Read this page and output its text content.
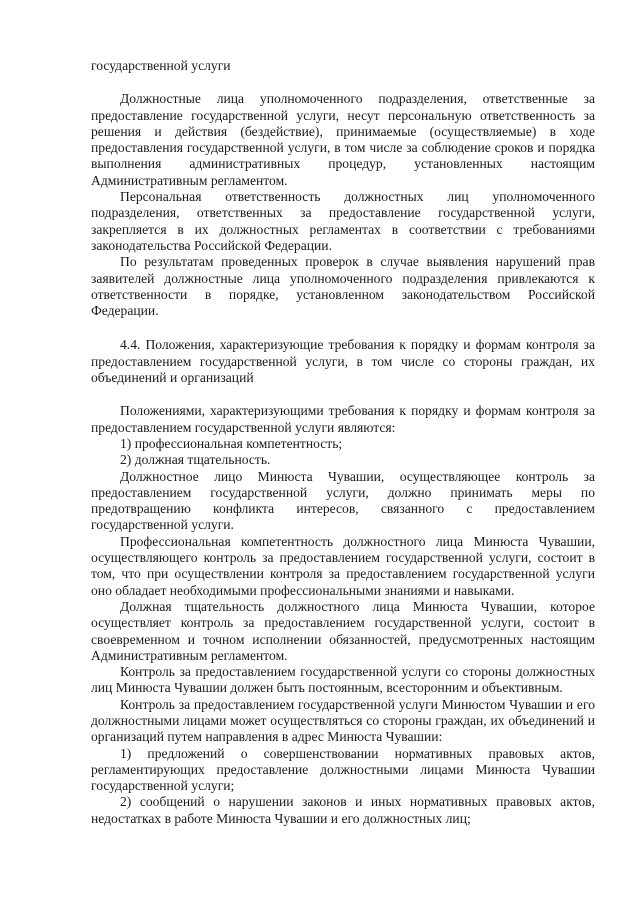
государственной услуги

Должностные лица уполномоченного подразделения, ответственные за предоставление государственной услуги, несут персональную ответственность за решения и действия (бездействие), принимаемые (осуществляемые) в ходе предоставления государственной услуги, в том числе за соблюдение сроков и порядка выполнения административных процедур, установленных настоящим Административным регламентом.

Персональная ответственность должностных лиц уполномоченного подразделения, ответственных за предоставление государственной услуги, закрепляется в их должностных регламентах в соответствии с требованиями законодательства Российской Федерации.

По результатам проведенных проверок в случае выявления нарушений прав заявителей должностные лица уполномоченного подразделения привлекаются к ответственности в порядке, установленном законодательством Российской Федерации.

4.4. Положения, характеризующие требования к порядку и формам контроля за предоставлением государственной услуги, в том числе со стороны граждан, их объединений и организаций

Положениями, характеризующими требования к порядку и формам контроля за предоставлением государственной услуги являются:

1) профессиональная компетентность;

2) должная тщательность.

Должностное лицо Минюста Чувашии, осуществляющее контроль за предоставлением государственной услуги, должно принимать меры по предотвращению конфликта интересов, связанного с предоставлением государственной услуги.

Профессиональная компетентность должностного лица Минюста Чувашии, осуществляющего контроль за предоставлением государственной услуги, состоит в том, что при осуществлении контроля за предоставлением государственной услуги оно обладает необходимыми профессиональными знаниями и навыками.

Должная тщательность должностного лица Минюста Чувашии, которое осуществляет контроль за предоставлением государственной услуги, состоит в своевременном и точном исполнении обязанностей, предусмотренных настоящим Административным регламентом.

Контроль за предоставлением государственной услуги со стороны должностных лиц Минюста Чувашии должен быть постоянным, всесторонним и объективным.

Контроль за предоставлением государственной услуги Минюстом Чувашии и его должностными лицами может осуществляться со стороны граждан, их объединений и организаций путем направления в адрес Минюста Чувашии:

1) предложений о совершенствовании нормативных правовых актов, регламентирующих предоставление должностными лицами Минюста Чувашии государственной услуги;

2) сообщений о нарушении законов и иных нормативных правовых актов, недостатках в работе Минюста Чувашии и его должностных лиц;
